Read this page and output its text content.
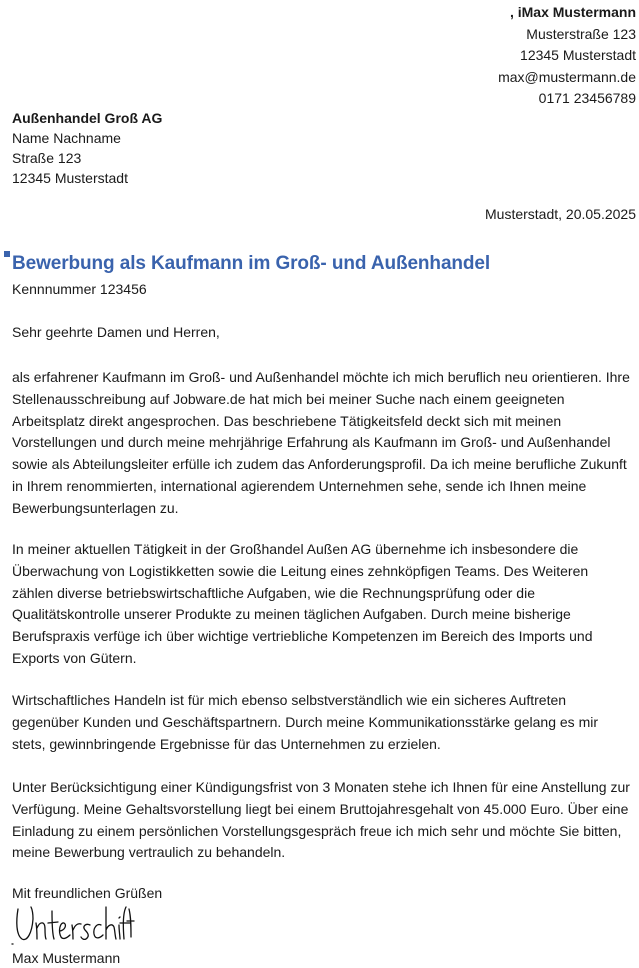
, iMax Mustermann
Musterstraße 123
12345 Musterstadt
max@mustermann.de
0171 23456789
Außenhandel Groß AG
Name Nachname
Straße 123
12345 Musterstadt
Musterstadt, 20.05.2025
Bewerbung als Kaufmann im Groß- und Außenhandel
Kennnummer 123456
Sehr geehrte Damen und Herren,
als erfahrener Kaufmann im Groß- und Außenhandel möchte ich mich beruflich neu orientieren. Ihre Stellenausschreibung auf Jobware.de hat mich bei meiner Suche nach einem geeigneten Arbeitsplatz direkt angesprochen. Das beschriebene Tätigkeitsfeld deckt sich mit meinen Vorstellungen und durch meine mehrjährige Erfahrung als Kaufmann im Groß- und Außenhandel sowie als Abteilungsleiter erfülle ich zudem das Anforderungsprofil. Da ich meine berufliche Zukunft in Ihrem renommierten, international agierendem Unternehmen sehe, sende ich Ihnen meine Bewerbungsunterlagen zu.
In meiner aktuellen Tätigkeit in der Großhandel Außen AG übernehme ich insbesondere die Überwachung von Logistikketten sowie die Leitung eines zehnköpfigen Teams. Des Weiteren zählen diverse betriebswirtschaftliche Aufgaben, wie die Rechnungsprüfung oder die Qualitätskontrolle unserer Produkte zu meinen täglichen Aufgaben. Durch meine bisherige Berufspraxis verfüge ich über wichtige vertriebliche Kompetenzen im Bereich des Imports und Exports von Gütern.
Wirtschaftliches Handeln ist für mich ebenso selbstverständlich wie ein sicheres Auftreten gegenüber Kunden und Geschäftspartnern. Durch meine Kommunikationsstärke gelang es mir stets, gewinnbringende Ergebnisse für das Unternehmen zu erzielen.
Unter Berücksichtigung einer Kündigungsfrist von 3 Monaten stehe ich Ihnen für eine Anstellung zur Verfügung. Meine Gehaltsvorstellung liegt bei einem Bruttojahresgehalt von 45.000 Euro. Über eine Einladung zu einem persönlichen Vorstellungsgespräch freue ich mich sehr und möchte Sie bitten, meine Bewerbung vertraulich zu behandeln.
Mit freundlichen Grüßen
Max Mustermann
